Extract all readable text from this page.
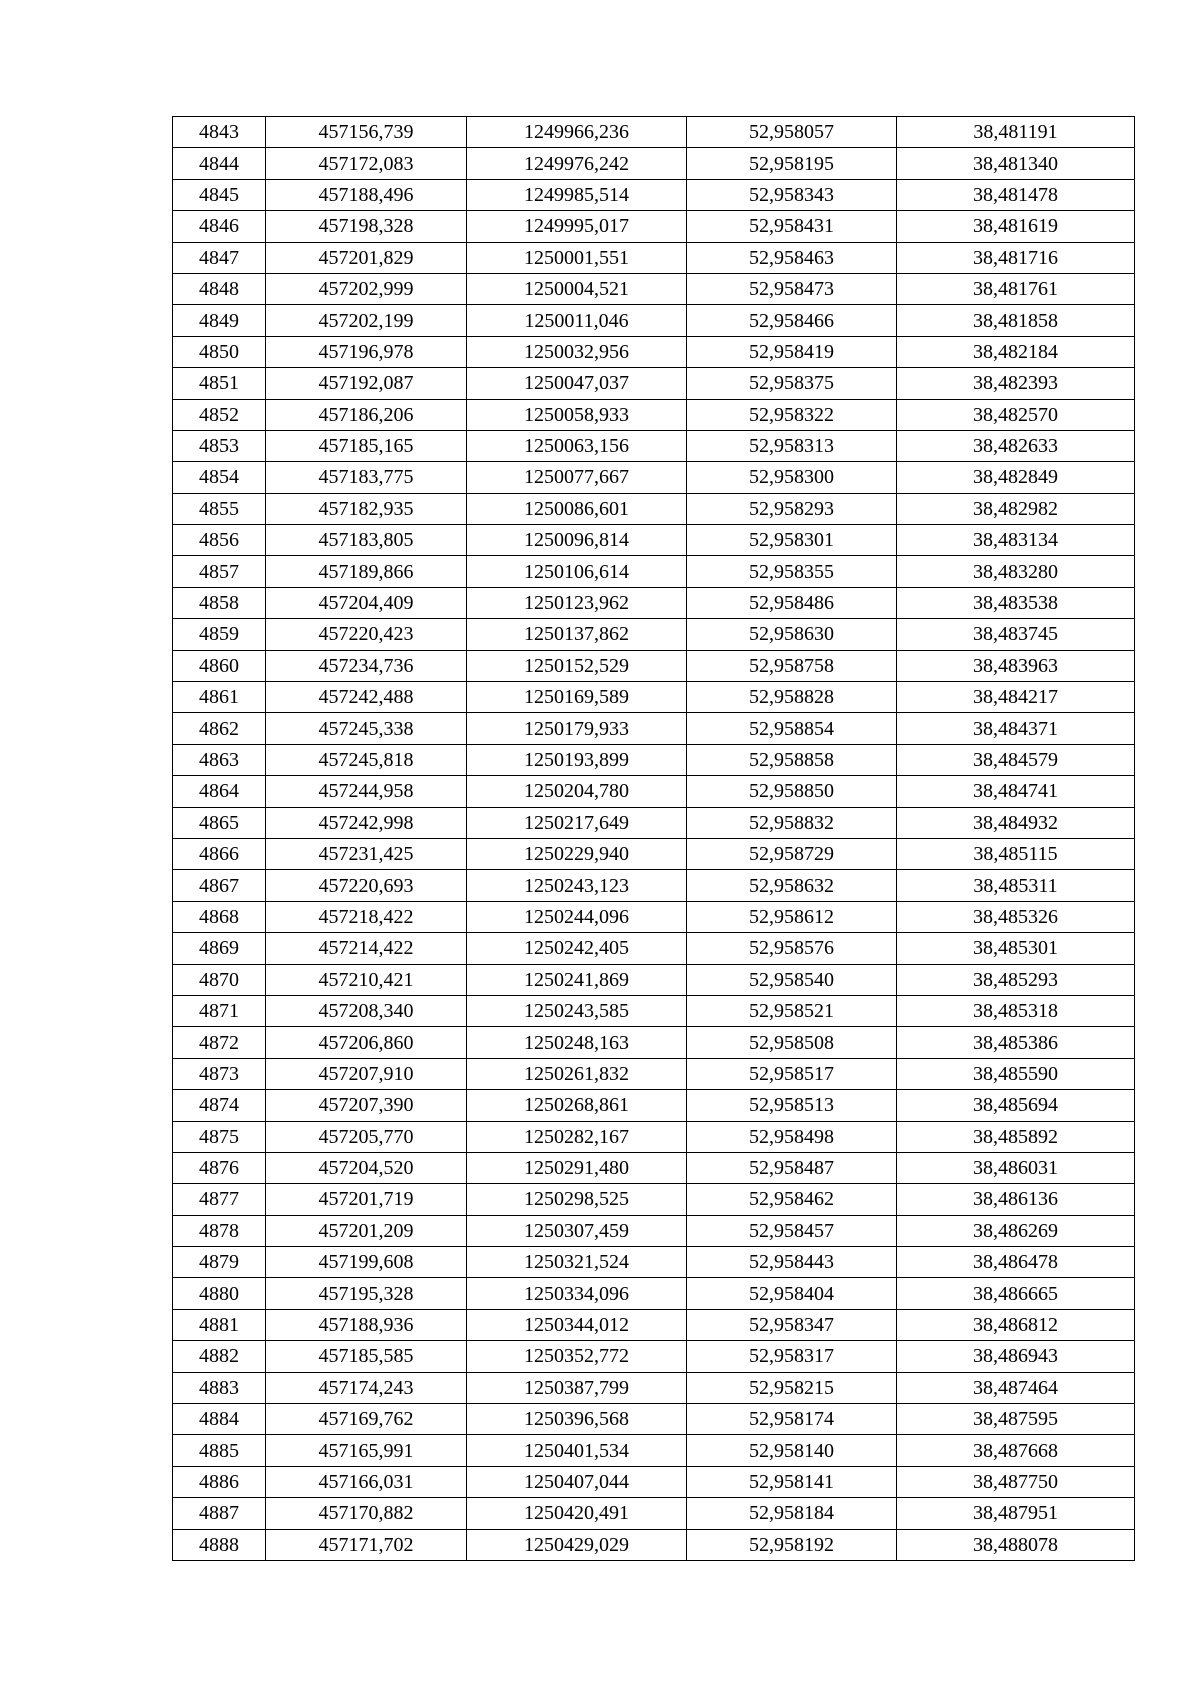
4843	457156,739	1249966,236	52,958057	38,481191
4844	457172,083	1249976,242	52,958195	38,481340
4845	457188,496	1249985,514	52,958343	38,481478
4846	457198,328	1249995,017	52,958431	38,481619
4847	457201,829	1250001,551	52,958463	38,481716
4848	457202,999	1250004,521	52,958473	38,481761
4849	457202,199	1250011,046	52,958466	38,481858
4850	457196,978	1250032,956	52,958419	38,482184
4851	457192,087	1250047,037	52,958375	38,482393
4852	457186,206	1250058,933	52,958322	38,482570
4853	457185,165	1250063,156	52,958313	38,482633
4854	457183,775	1250077,667	52,958300	38,482849
4855	457182,935	1250086,601	52,958293	38,482982
4856	457183,805	1250096,814	52,958301	38,483134
4857	457189,866	1250106,614	52,958355	38,483280
4858	457204,409	1250123,962	52,958486	38,483538
4859	457220,423	1250137,862	52,958630	38,483745
4860	457234,736	1250152,529	52,958758	38,483963
4861	457242,488	1250169,589	52,958828	38,484217
4862	457245,338	1250179,933	52,958854	38,484371
4863	457245,818	1250193,899	52,958858	38,484579
4864	457244,958	1250204,780	52,958850	38,484741
4865	457242,998	1250217,649	52,958832	38,484932
4866	457231,425	1250229,940	52,958729	38,485115
4867	457220,693	1250243,123	52,958632	38,485311
4868	457218,422	1250244,096	52,958612	38,485326
4869	457214,422	1250242,405	52,958576	38,485301
4870	457210,421	1250241,869	52,958540	38,485293
4871	457208,340	1250243,585	52,958521	38,485318
4872	457206,860	1250248,163	52,958508	38,485386
4873	457207,910	1250261,832	52,958517	38,485590
4874	457207,390	1250268,861	52,958513	38,485694
4875	457205,770	1250282,167	52,958498	38,485892
4876	457204,520	1250291,480	52,958487	38,486031
4877	457201,719	1250298,525	52,958462	38,486136
4878	457201,209	1250307,459	52,958457	38,486269
4879	457199,608	1250321,524	52,958443	38,486478
4880	457195,328	1250334,096	52,958404	38,486665
4881	457188,936	1250344,012	52,958347	38,486812
4882	457185,585	1250352,772	52,958317	38,486943
4883	457174,243	1250387,799	52,958215	38,487464
4884	457169,762	1250396,568	52,958174	38,487595
4885	457165,991	1250401,534	52,958140	38,487668
4886	457166,031	1250407,044	52,958141	38,487750
4887	457170,882	1250420,491	52,958184	38,487951
4888	457171,702	1250429,029	52,958192	38,488078
